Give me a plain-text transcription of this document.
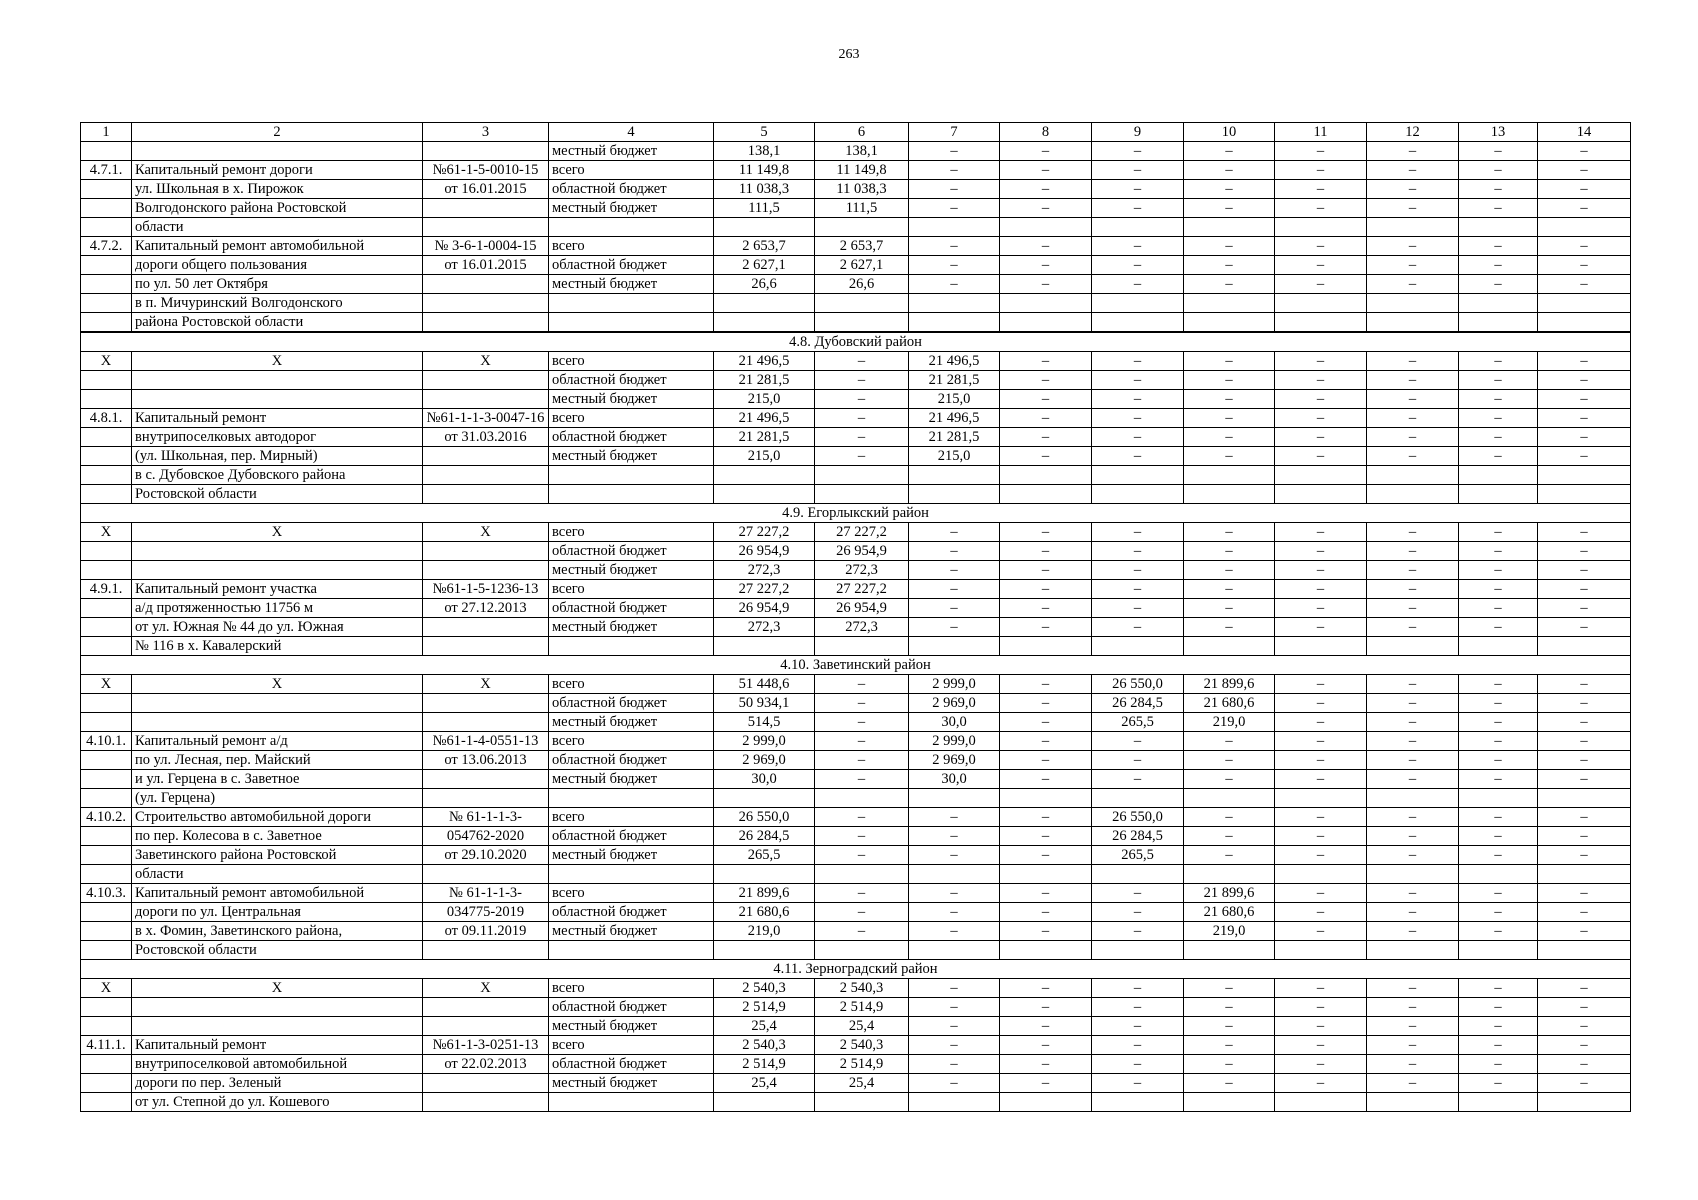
263
1	2	3	4	5	6	7	8	9	10	11	12	13	14
			местный бюджет	138,1	138,1	–	–	–	–	–	–	–	–
4.7.1.	Капитальный ремонт дороги	№61-1-5-0010-15	всего	11 149,8	11 149,8	–	–	–	–	–	–	–	–
	ул. Школьная в х. Пирожок	от 16.01.2015	областной бюджет	11 038,3	11 038,3	–	–	–	–	–	–	–	–
	Волгодонского района Ростовской		местный бюджет	111,5	111,5	–	–	–	–	–	–	–	–
	области												
4.7.2.	Капитальный ремонт автомобильной	№ 3-6-1-0004-15	всего	2 653,7	2 653,7	–	–	–	–	–	–	–	–
	дороги общего пользования	от 16.01.2015	областной бюджет	2 627,1	2 627,1	–	–	–	–	–	–	–	–
	по ул. 50 лет Октября		местный бюджет	26,6	26,6	–	–	–	–	–	–	–	–
	в п. Мичуринский Волгодонского												
	района Ростовской области												

4.8. Дубовский район													
Х	Х	Х	всего	21 496,5	–	21 496,5	–	–	–	–	–	–	–
			областной бюджет	21 281,5	–	21 281,5	–	–	–	–	–	–	–
			местный бюджет	215,0	–	215,0	–	–	–	–	–	–	–
4.8.1.	Капитальный ремонт	№61-1-1-3-0047-16	всего	21 496,5	–	21 496,5	–	–	–	–	–	–	–
	внутрипоселковых автодорог	от 31.03.2016	областной бюджет	21 281,5	–	21 281,5	–	–	–	–	–	–	–
	(ул. Школьная, пер. Мирный)		местный бюджет	215,0	–	215,0	–	–	–	–	–	–	–
	в с. Дубовское Дубовского района												
	Ростовской области												
4.9. Егорлыкский район													
Х	Х	Х	всего	27 227,2	27 227,2	–	–	–	–	–	–	–	–
			областной бюджет	26 954,9	26 954,9	–	–	–	–	–	–	–	–
			местный бюджет	272,3	272,3	–	–	–	–	–	–	–	–
4.9.1.	Капитальный ремонт участка	№61-1-5-1236-13	всего	27 227,2	27 227,2	–	–	–	–	–	–	–	–
	а/д протяженностью 11756 м	от 27.12.2013	областной бюджет	26 954,9	26 954,9	–	–	–	–	–	–	–	–
	от ул. Южная № 44 до ул. Южная		местный бюджет	272,3	272,3	–	–	–	–	–	–	–	–
	№ 116 в х. Кавалерский												
4.10. Заветинский район													
Х	Х	Х	всего	51 448,6	–	2 999,0	–	26 550,0	21 899,6	–	–	–	–
			областной бюджет	50 934,1	–	2 969,0	–	26 284,5	21 680,6	–	–	–	–
			местный бюджет	514,5	–	30,0	–	265,5	219,0	–	–	–	–
4.10.1.	Капитальный ремонт а/д	№61-1-4-0551-13	всего	2 999,0	–	2 999,0	–	–	–	–	–	–	–
	по ул. Лесная, пер. Майский	от 13.06.2013	областной бюджет	2 969,0	–	2 969,0	–	–	–	–	–	–	–
	и ул. Герцена в с. Заветное		местный бюджет	30,0	–	30,0	–	–	–	–	–	–	–
	(ул. Герцена)												
4.10.2.	Строительство автомобильной дороги	№ 61-1-1-3-	всего	26 550,0	–	–	–	26 550,0	–	–	–	–	–
	по пер. Колесова в с. Заветное	054762-2020	областной бюджет	26 284,5	–	–	–	26 284,5	–	–	–	–	–
	Заветинского района Ростовской	от 29.10.2020	местный бюджет	265,5	–	–	–	265,5	–	–	–	–	–
	области												
4.10.3.	Капитальный ремонт автомобильной	№ 61-1-1-3-	всего	21 899,6	–	–	–	–	21 899,6	–	–	–	–
	дороги по ул. Центральная	034775-2019	областной бюджет	21 680,6	–	–	–	–	21 680,6	–	–	–	–
	в х. Фомин, Заветинского района,	от 09.11.2019	местный бюджет	219,0	–	–	–	–	219,0	–	–	–	–
	Ростовской области												
4.11. Зерноградский район													
Х	Х	Х	всего	2 540,3	2 540,3	–	–	–	–	–	–	–	–
			областной бюджет	2 514,9	2 514,9	–	–	–	–	–	–	–	–
			местный бюджет	25,4	25,4	–	–	–	–	–	–	–	–
4.11.1.	Капитальный ремонт	№61-1-3-0251-13	всего	2 540,3	2 540,3	–	–	–	–	–	–	–	–
	внутрипоселковой автомобильной	от 22.02.2013	областной бюджет	2 514,9	2 514,9	–	–	–	–	–	–	–	–
	дороги по пер. Зеленый		местный бюджет	25,4	25,4	–	–	–	–	–	–	–	–
	от ул. Степной до ул. Кошевого												
